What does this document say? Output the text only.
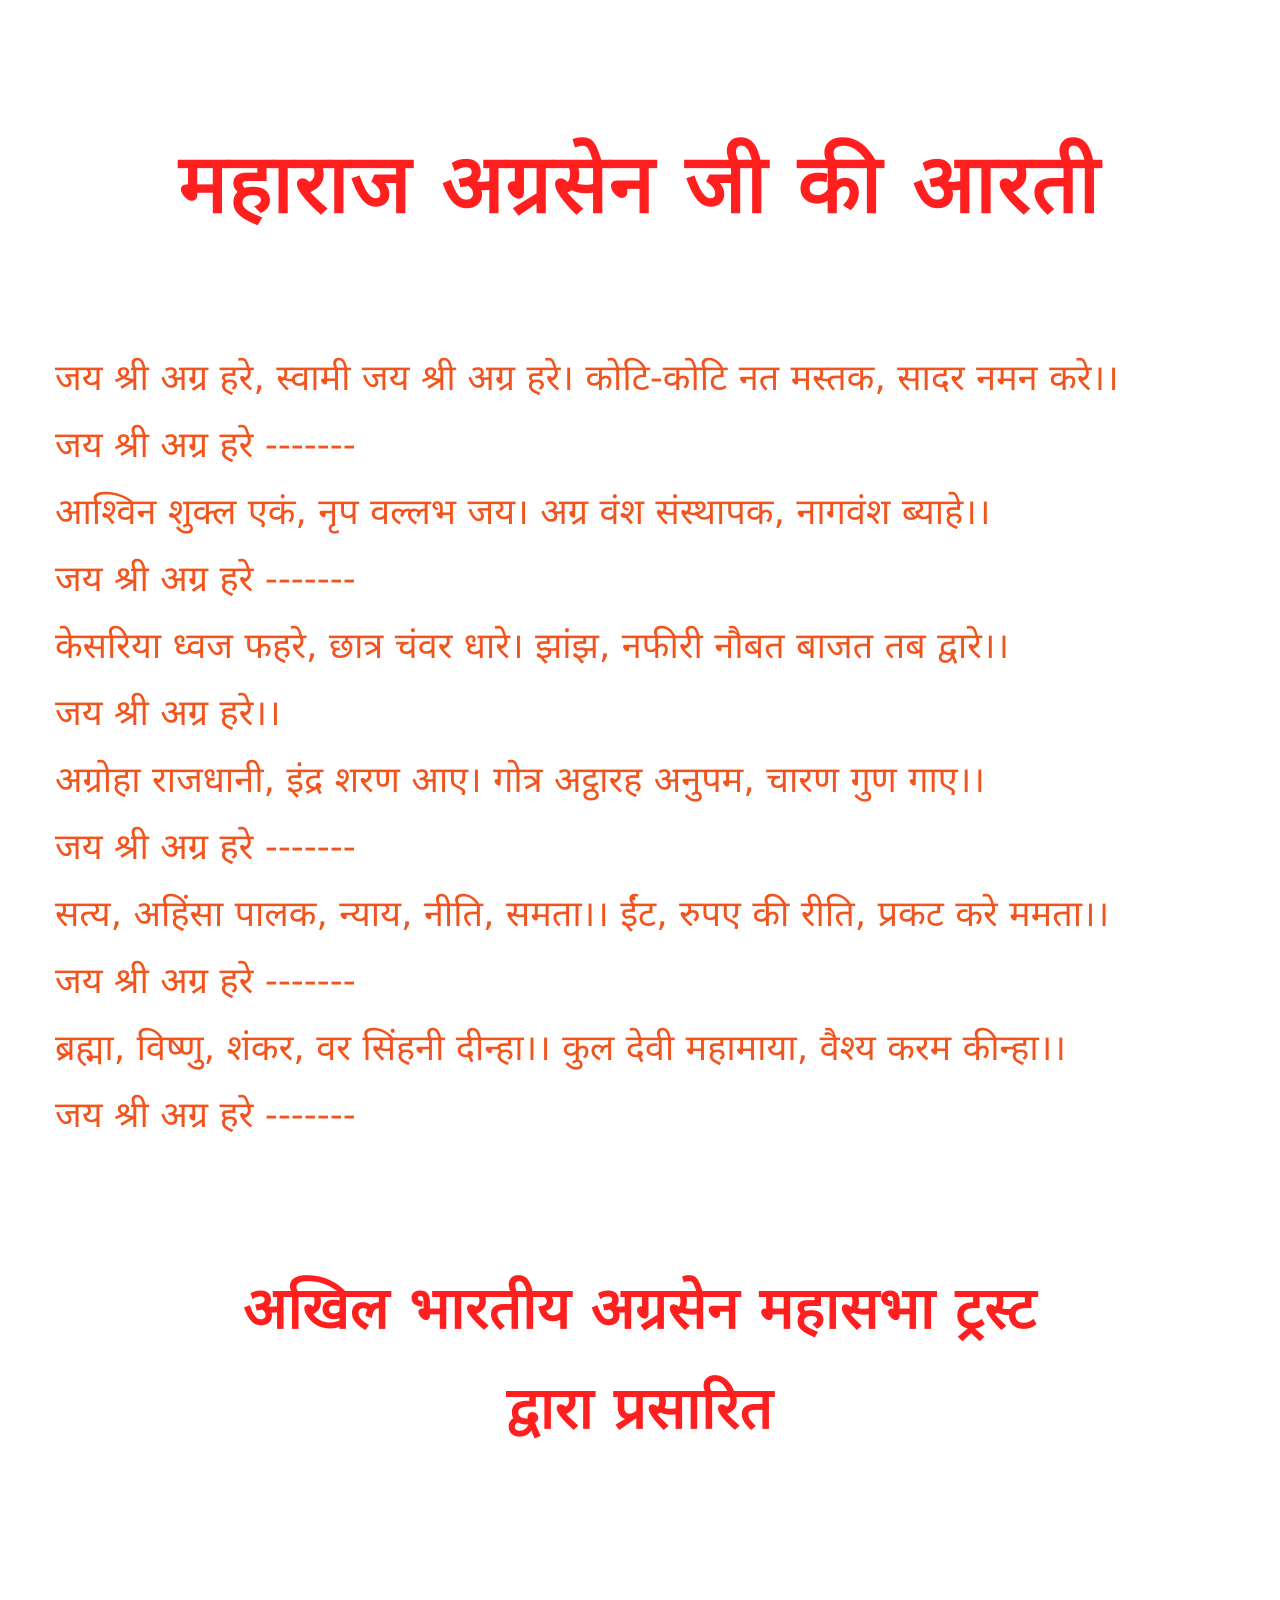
महाराज अग्रसेन जी की आरती
जय श्री अग्र हरे, स्वामी जय श्री अग्र हरे। कोटि-कोटि नत मस्तक, सादर नमन करे।।
जय श्री अग्र हरे -------
आश्विन शुक्ल एकं, नृप वल्लभ जय। अग्र वंश संस्थापक, नागवंश ब्याहे।।
जय श्री अग्र हरे -------
केसरिया ध्वज फहरे, छात्र चंवर धारे। झांझ, नफीरी नौबत बाजत तब द्वारे।।
जय श्री अग्र हरे।।
अग्रोहा राजधानी, इंद्र शरण आए। गोत्र अट्ठारह अनुपम, चारण गुण गाए।।
जय श्री अग्र हरे -------
सत्य, अहिंसा पालक, न्याय, नीति, समता।। ईंट, रुपए की रीति, प्रकट करे ममता।।
जय श्री अग्र हरे -------
ब्रह्मा, विष्णु, शंकर, वर सिंहनी दीन्हा।। कुल देवी महामाया, वैश्य करम कीन्हा।।
जय श्री अग्र हरे -------
अखिल भारतीय अग्रसेन महासभा ट्रस्ट
द्वारा प्रसारित
